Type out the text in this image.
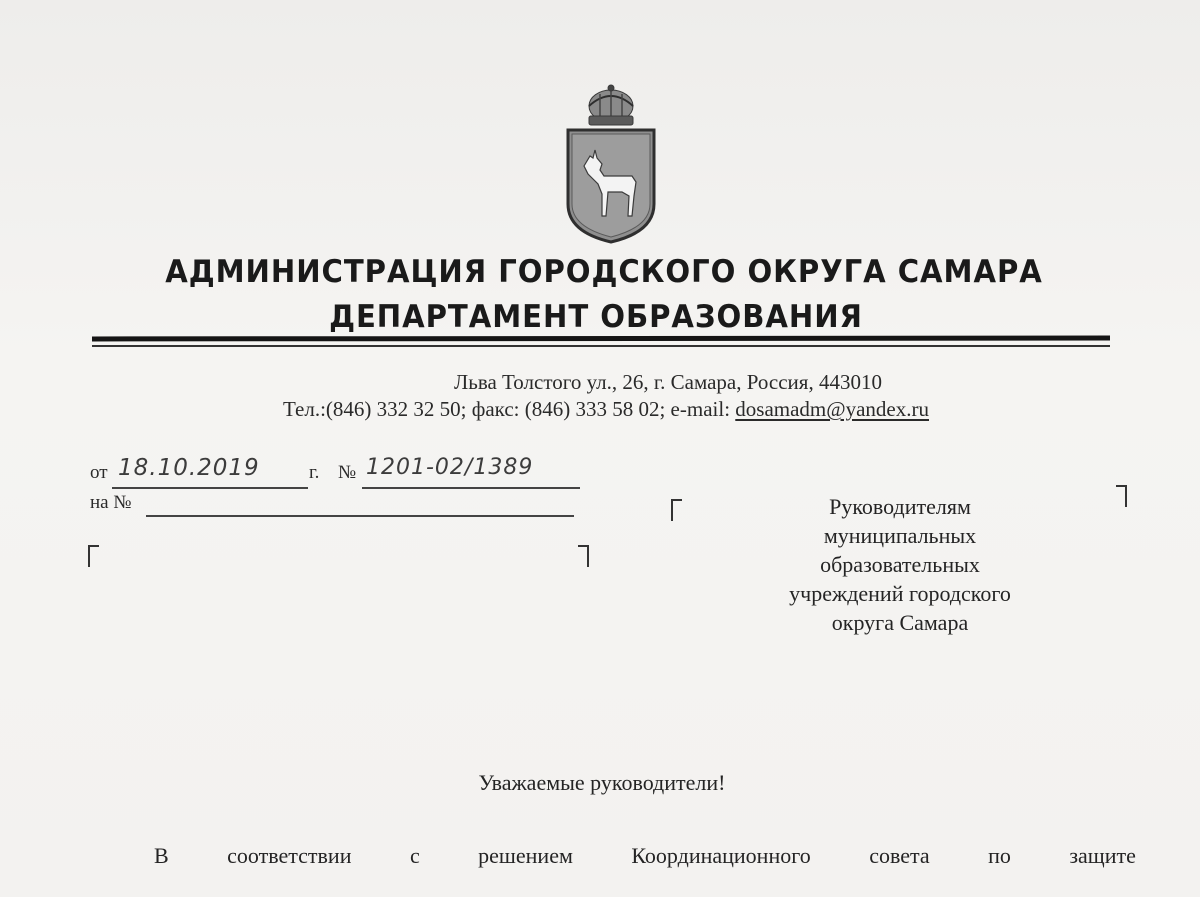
АДМИНИСТРАЦИЯ ГОРОДСКОГО ОКРУГА САМАРА
ДЕПАРТАМЕНТ ОБРАЗОВАНИЯ
Льва Толстого ул., 26, г. Самара, Россия, 443010
Тел.:(846) 332 32 50; факс: (846) 333 58 02; e-mail: dosamadm@yandex.ru
от 18.10.2019	г. № 1201-02/1389
на №	Руководителям
муниципальных
образовательных
учреждений городского
округа Самара
Уважаемые руководители!
В	соответствии	с	решением	Координационного	совета	по	защите
